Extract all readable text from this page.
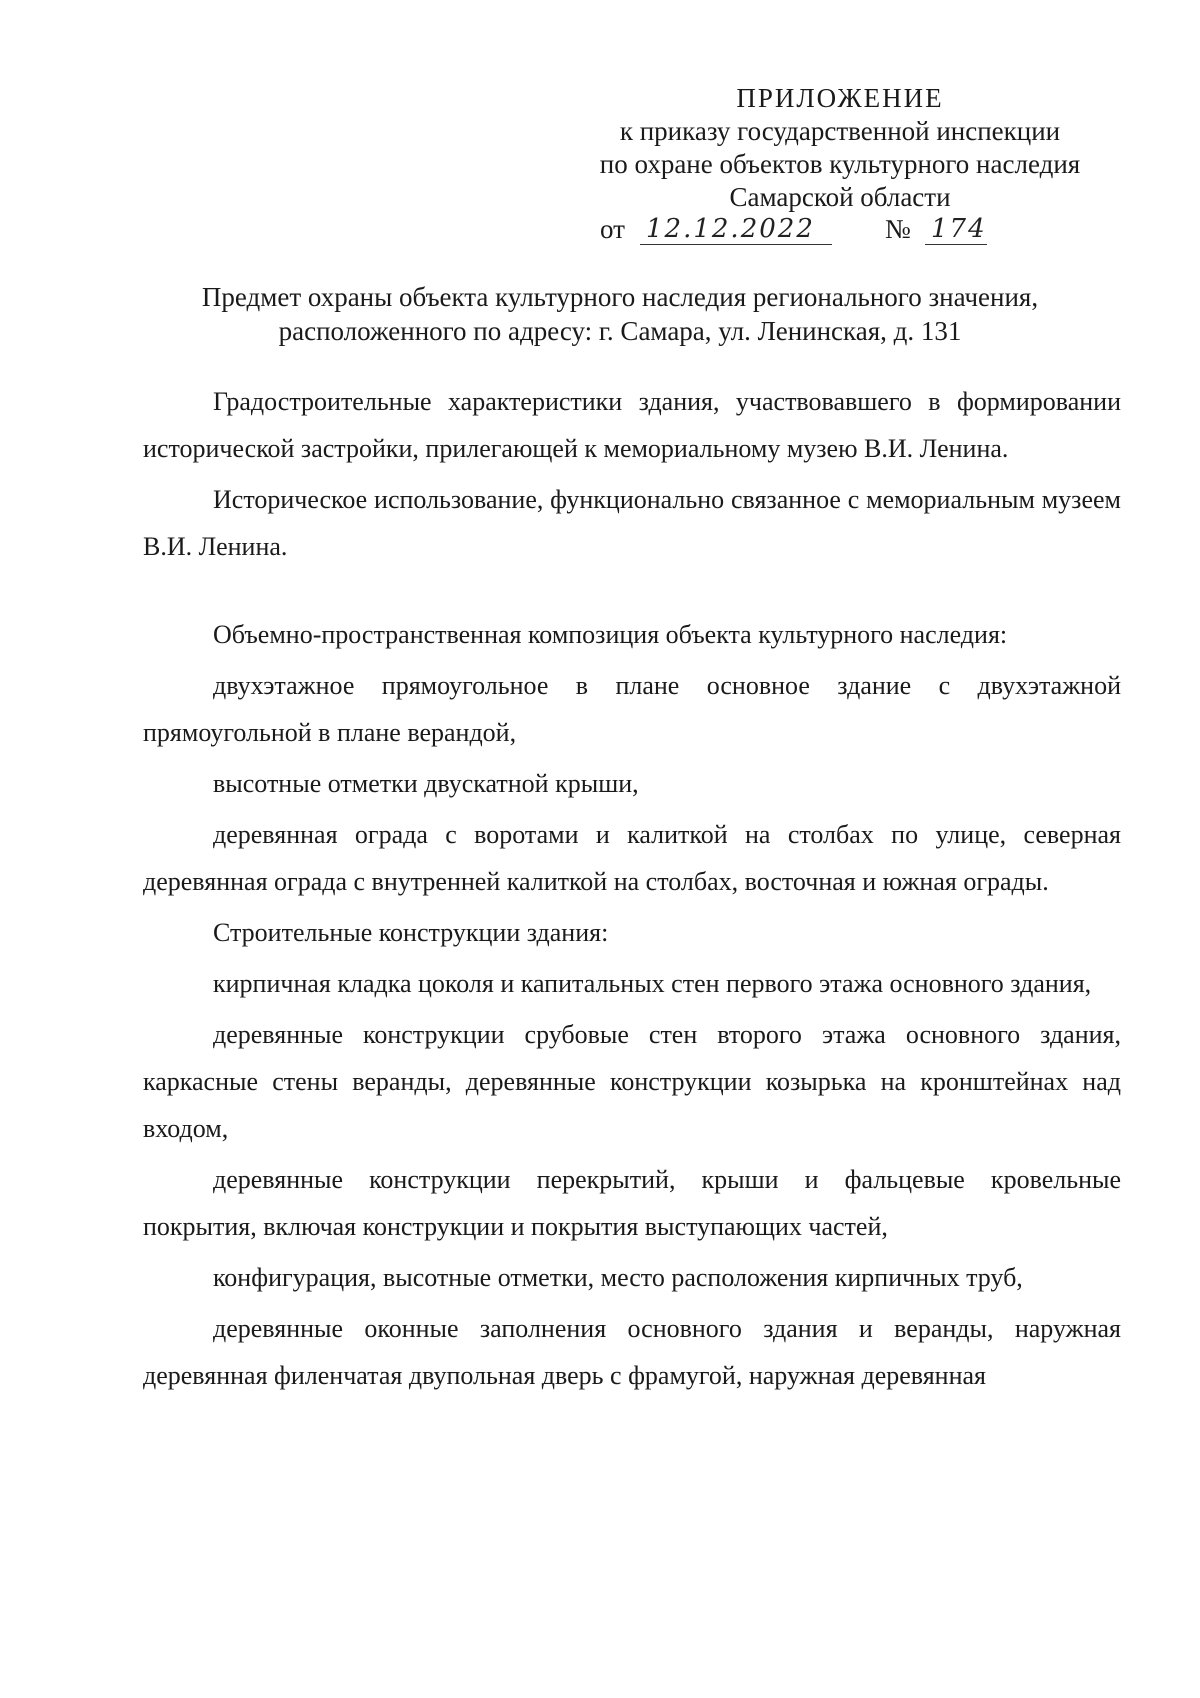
ПРИЛОЖЕНИЕ
к приказу государственной инспекции
по охране объектов культурного наследия
Самарской области
от 12.12.2022	№ 174
Предмет охраны объекта культурного наследия регионального значения,
расположенного по адресу: г. Самара, ул. Ленинская, д. 131

Градостроительные характеристики здания, участвовавшего в формировании исторической застройки, прилегающей к мемориальному музею В.И. Ленина.

Историческое использование, функционально связанное с мемориальным музеем В.И. Ленина.

Объемно-пространственная композиция объекта культурного наследия:

двухэтажное прямоугольное в плане основное здание с двухэтажной прямоугольной в плане верандой,

высотные отметки двускатной крыши,

деревянная ограда с воротами и калиткой на столбах по улице, северная деревянная ограда с внутренней калиткой на столбах, восточная и южная ограды.

Строительные конструкции здания:

кирпичная кладка цоколя и капитальных стен первого этажа основного здания,

деревянные конструкции срубовые стен второго этажа основного здания, каркасные стены веранды, деревянные конструкции козырька на кронштейнах над входом,

деревянные конструкции перекрытий, крыши и фальцевые кровельные покрытия, включая конструкции и покрытия выступающих частей,

конфигурация, высотные отметки, место расположения кирпичных труб,

деревянные оконные заполнения основного здания и веранды, наружная деревянная филенчатая двупольная дверь с фрамугой, наружная деревянная
